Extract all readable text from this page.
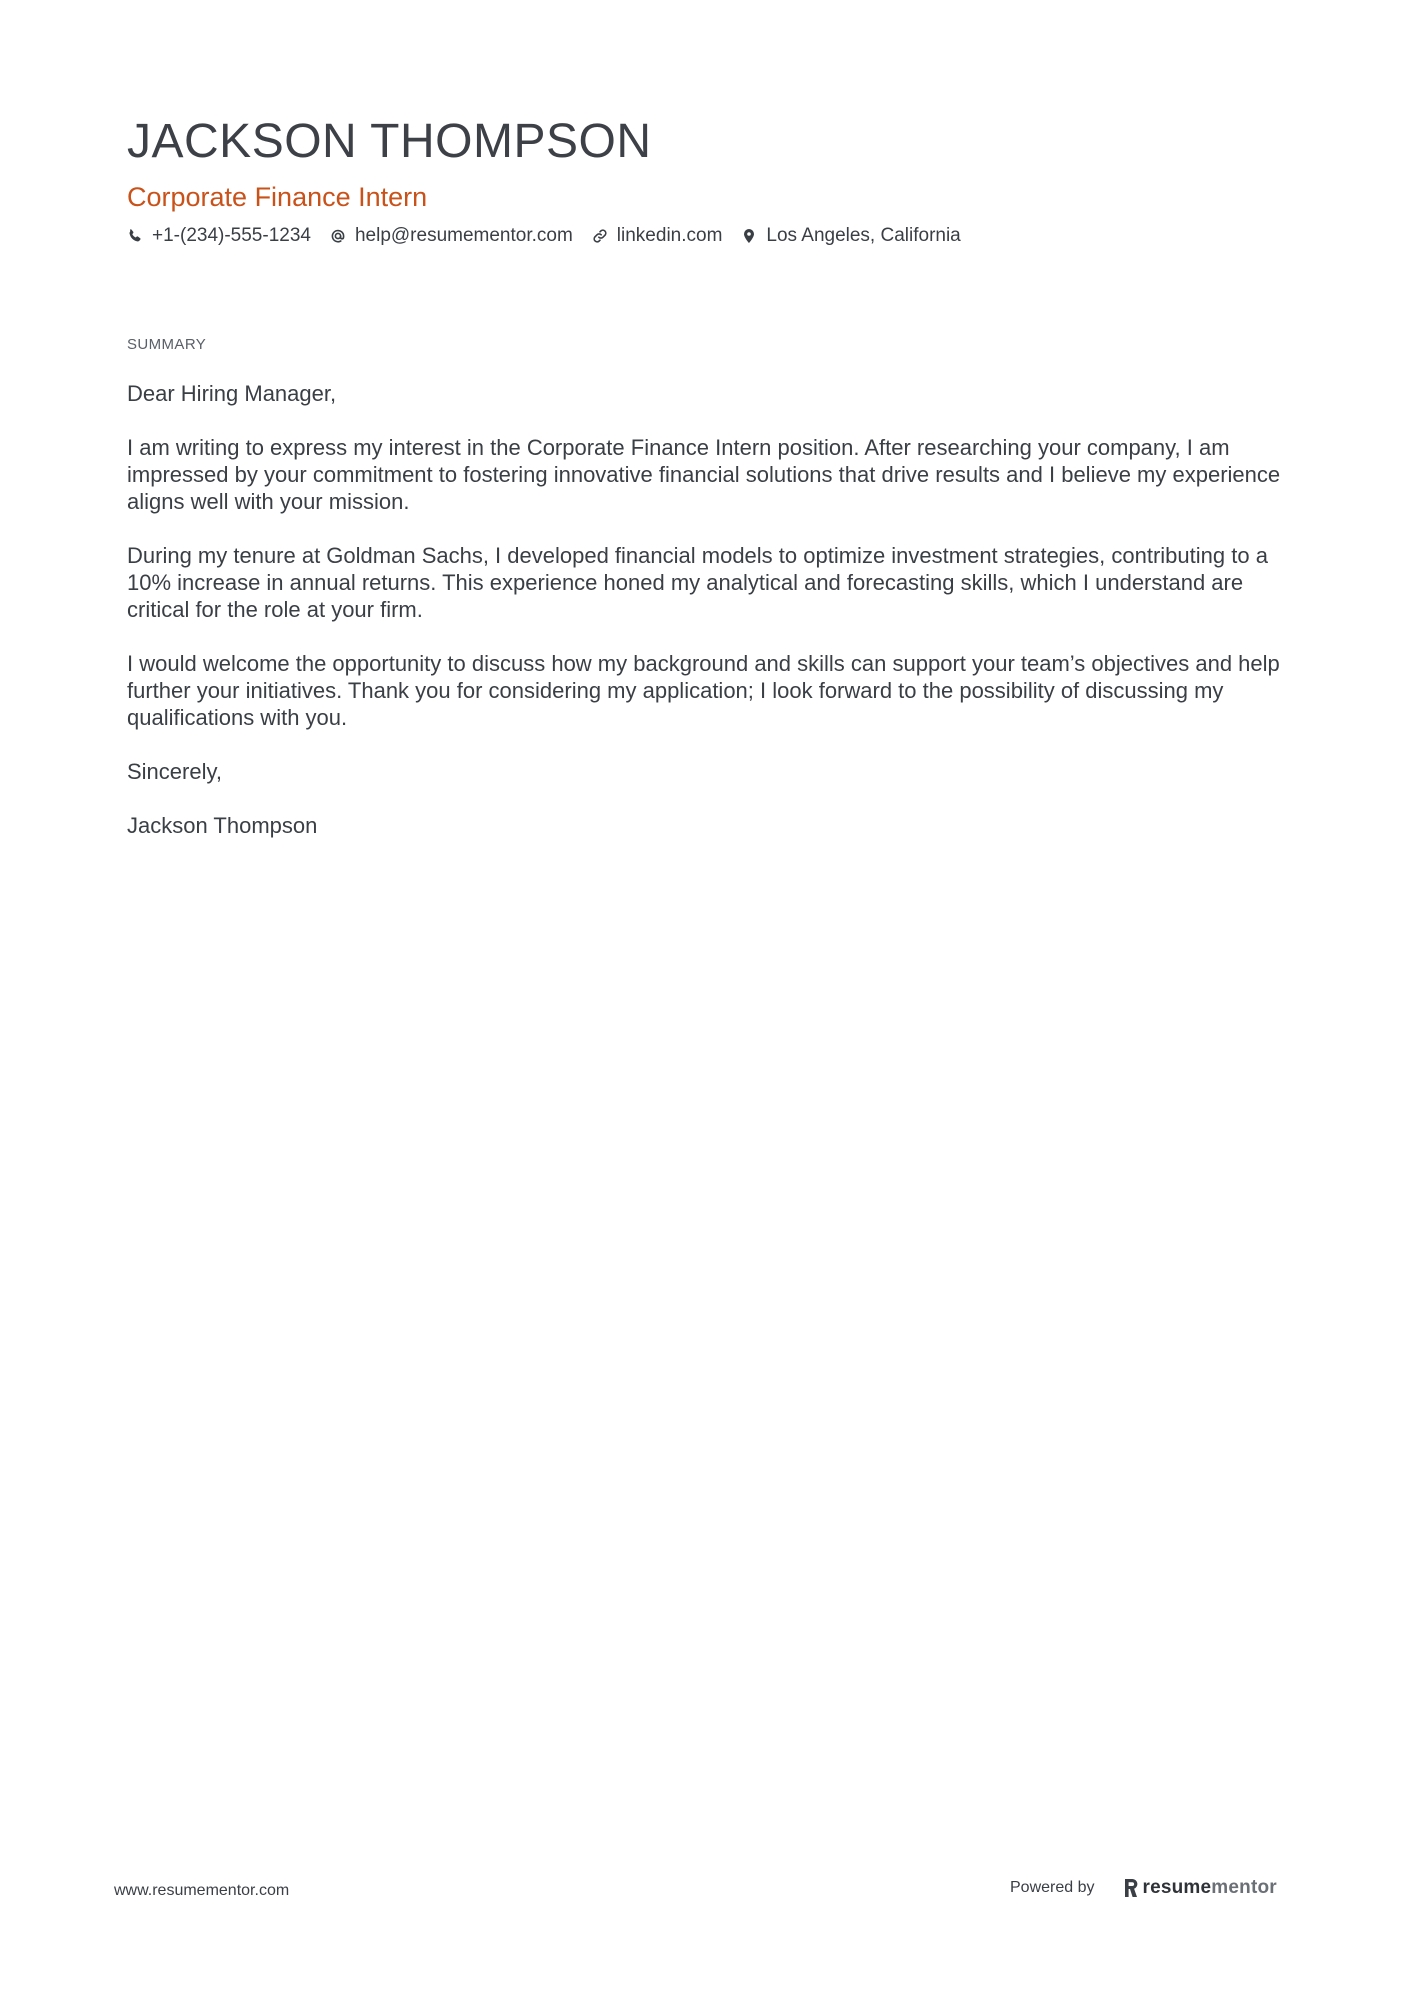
JACKSON THOMPSON
Corporate Finance Intern
+1-(234)-555-1234 help@resumementor.com linkedin.com Los Angeles, California
SUMMARY

Dear Hiring Manager,

I am writing to express my interest in the Corporate Finance Intern position. After researching your company, I am impressed by your commitment to fostering innovative financial solutions that drive results and I believe my experience aligns well with your mission.

During my tenure at Goldman Sachs, I developed financial models to optimize investment strategies, contributing to a 10% increase in annual returns. This experience honed my analytical and forecasting skills, which I understand are critical for the role at your firm.

I would welcome the opportunity to discuss how my background and skills can support your team’s objectives and help further your initiatives. Thank you for considering my application; I look forward to the possibility of discussing my qualifications with you.

Sincerely,

Jackson Thompson

www.resumementor.com	Powered by	resume mentor
